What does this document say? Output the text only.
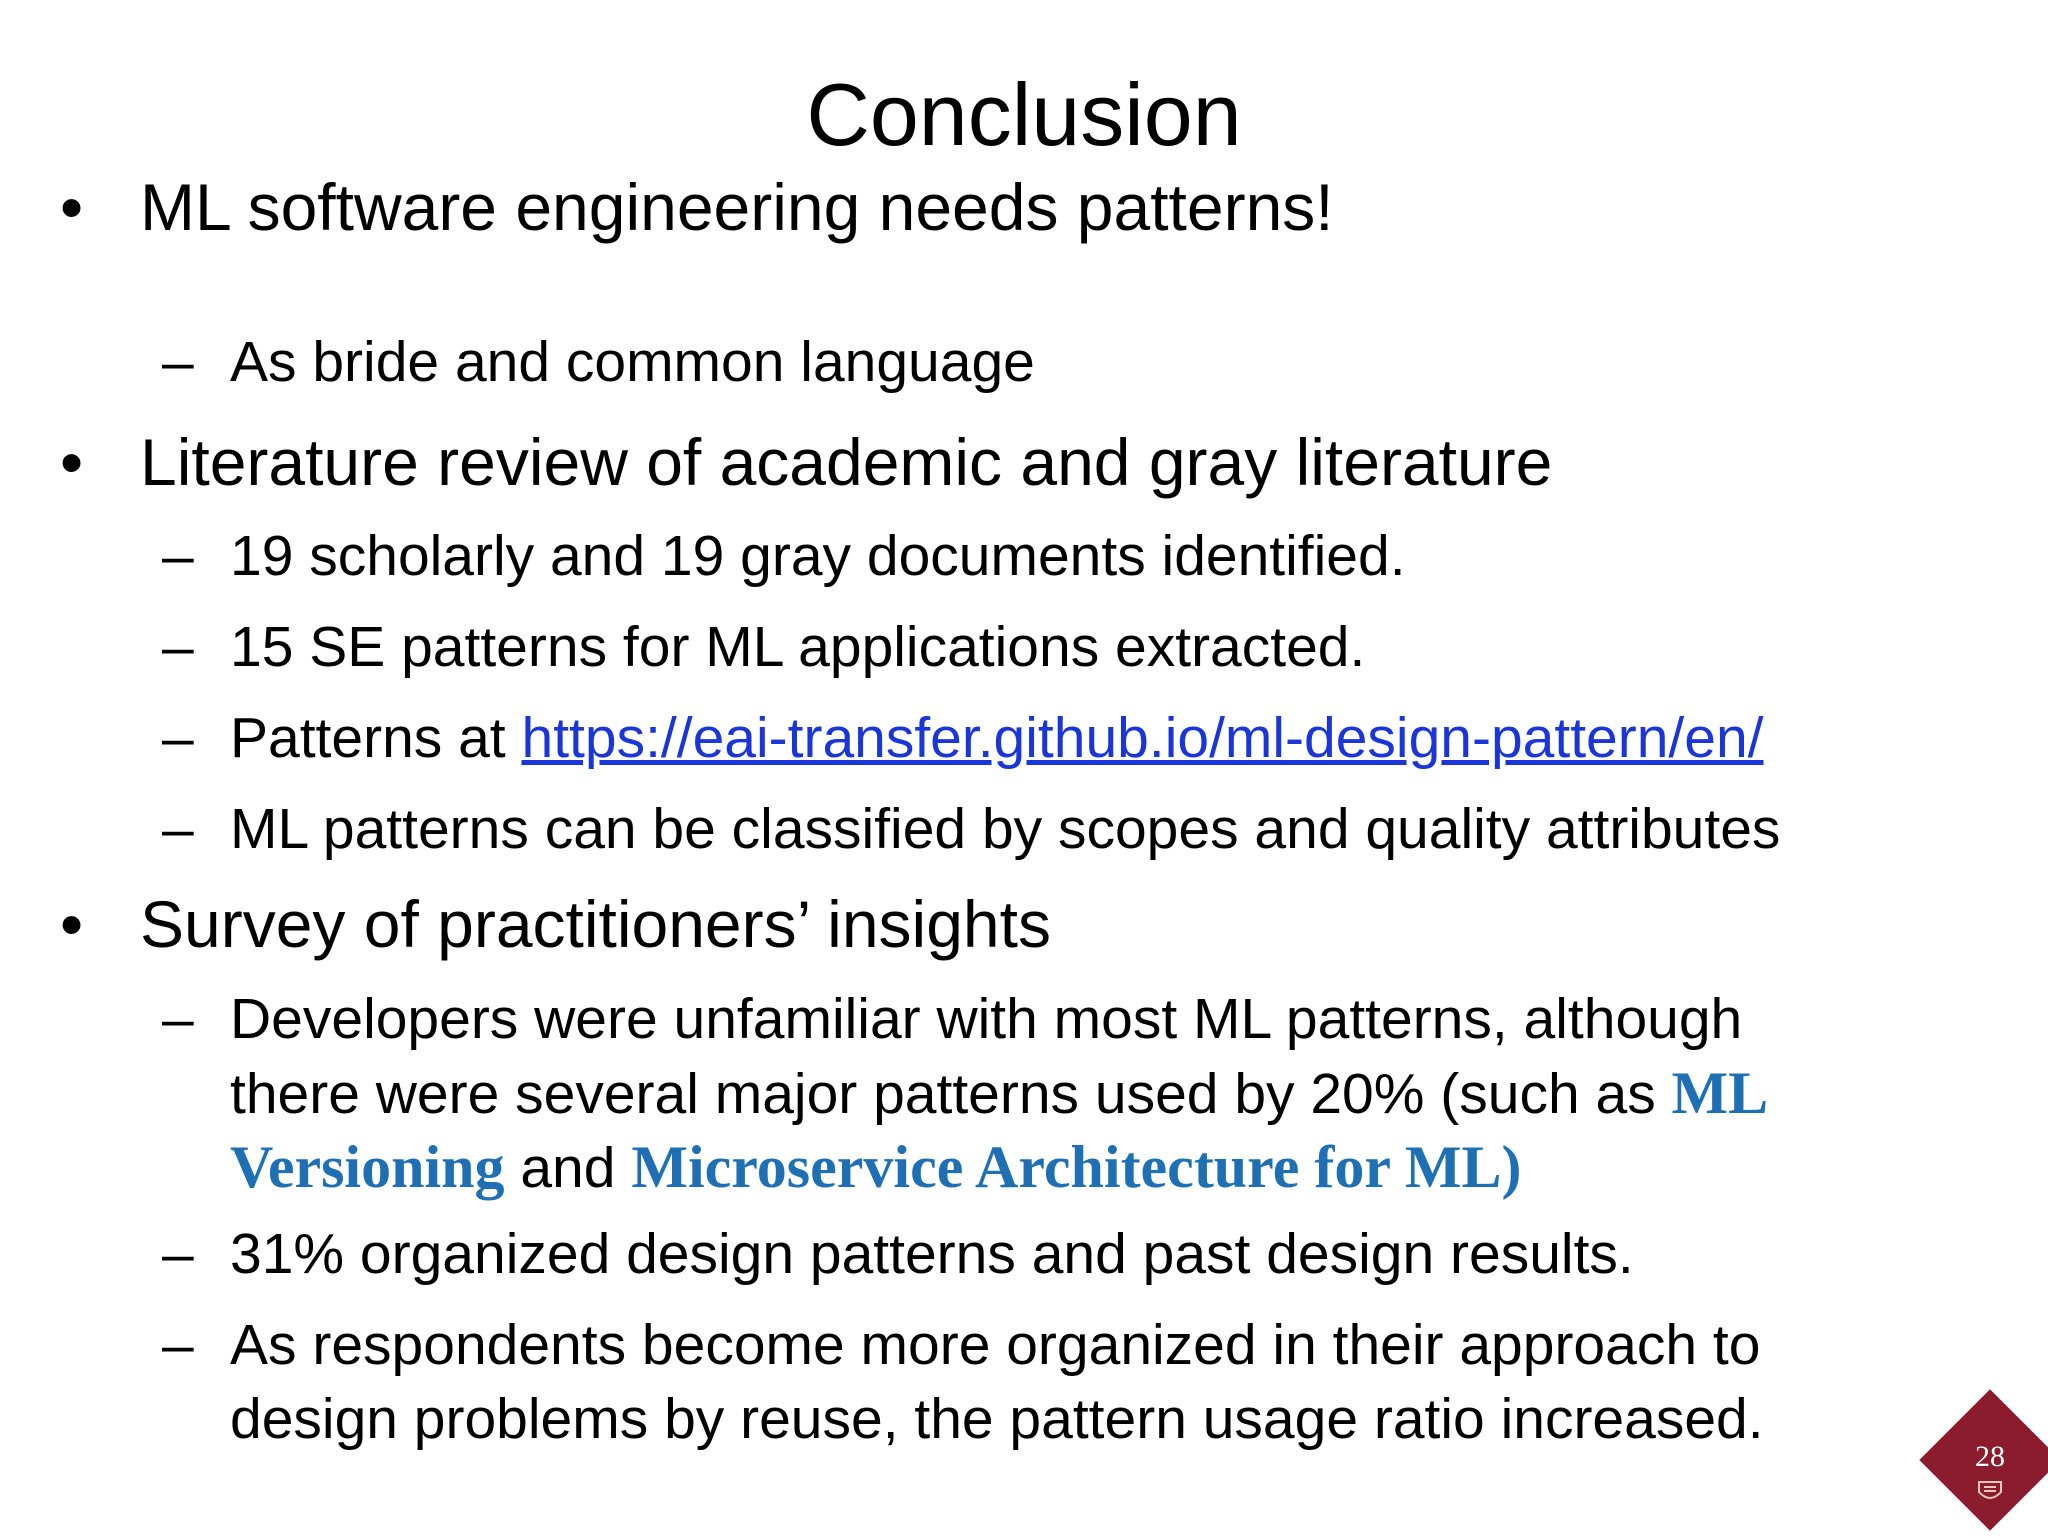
Conclusion
• ML software engineering needs patterns!
– As bride and common language
• Literature review of academic and gray literature
– 19 scholarly and 19 gray documents identified.
– 15 SE patterns for ML applications extracted.
– Patterns at https://eai-transfer.github.io/ml-design-pattern/en/
– ML patterns can be classified by scopes and quality attributes
• Survey of practitioners’ insights
– Developers were unfamiliar with most ML patterns, although
there were several major patterns used by 20% (such as ML
Versioning and Microservice Architecture for ML)
– 31% organized design patterns and past design results.
– As respondents become more organized in their approach to
design problems by reuse, the pattern usage ratio increased.
28
